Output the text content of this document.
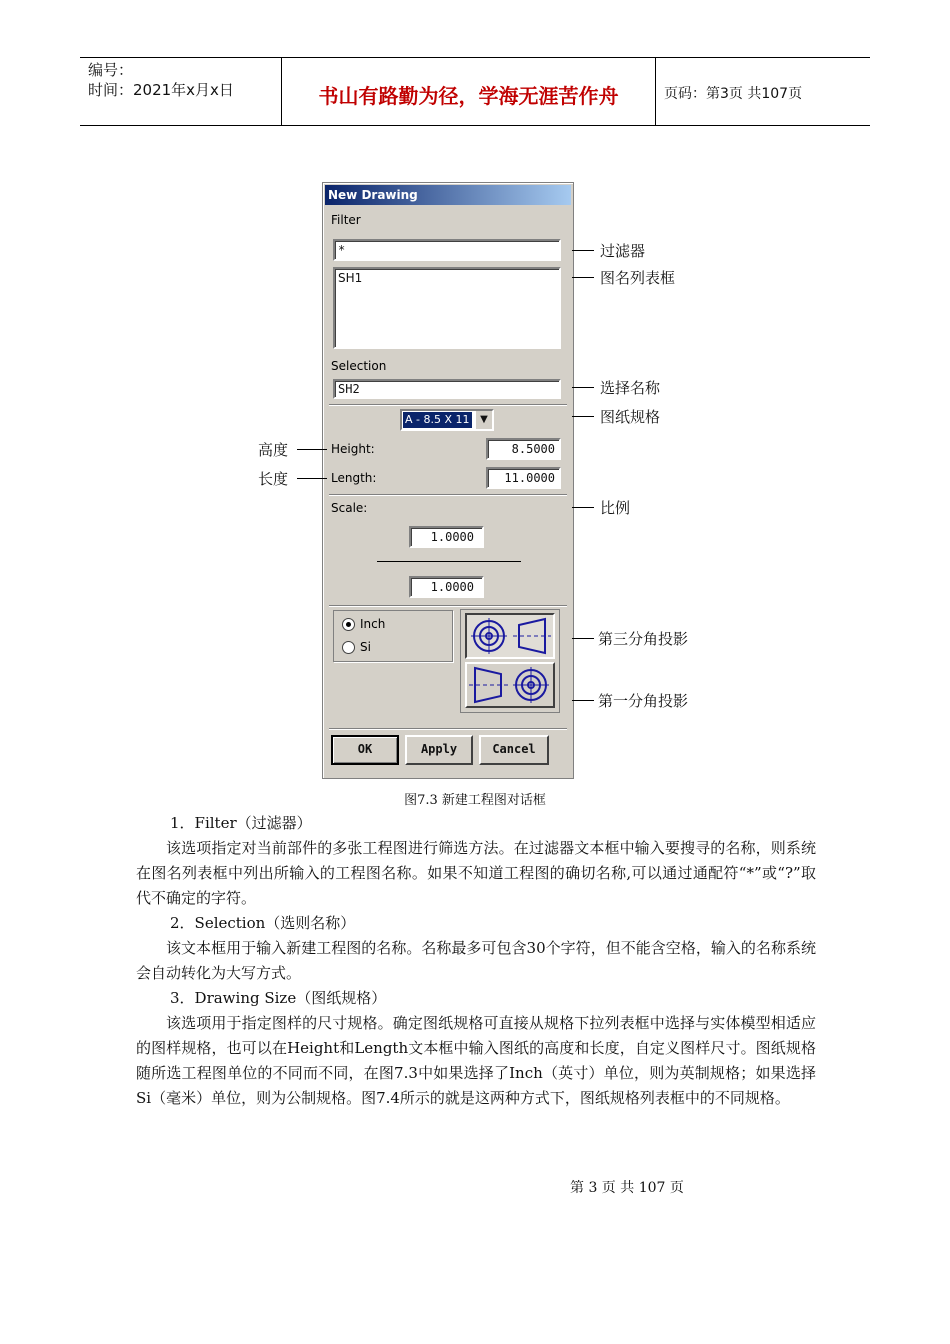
编号：
时间：2021年x月x日	书山有路勤为径，学海无涯苦作舟	页码：第3页 共107页
New Drawing
Filter
*
SH1
Selection
SH2
A - 8.5 X 11	▼
Height:	8.5000
Length:	11.0000
Scale:
1.0000
1.0000
Inch
Si
OK	Apply	Cancel
过滤器
图名列表框
选择名称
图纸规格
比例
第三分角投影
第一分角投影
高度
长度
图7.3 新建工程图对话框
1．Filter（过滤器）
该选项指定对当前部件的多张工程图进行筛选方法。在过滤器文本框中输入要搜寻的名称，则系统在图名列表框中列出所输入的工程图名称。如果不知道工程图的确切名称,可以通过通配符“*”或“?”取代不确定的字符。
2．Selection（选则名称）
该文本框用于输入新建工程图的名称。名称最多可包含30个字符，但不能含空格，输入的名称系统会自动转化为大写方式。
3．Drawing Size（图纸规格）
该选项用于指定图样的尺寸规格。确定图纸规格可直接从规格下拉列表框中选择与实体模型相适应的图样规格，也可以在Height和Length文本框中输入图纸的高度和长度，自定义图样尺寸。图纸规格随所选工程图单位的不同而不同，在图7.3中如果选择了Inch（英寸）单位，则为英制规格；如果选择Si（毫米）单位，则为公制规格。图7.4所示的就是这两种方式下，图纸规格列表框中的不同规格。
第 3 页 共 107 页
